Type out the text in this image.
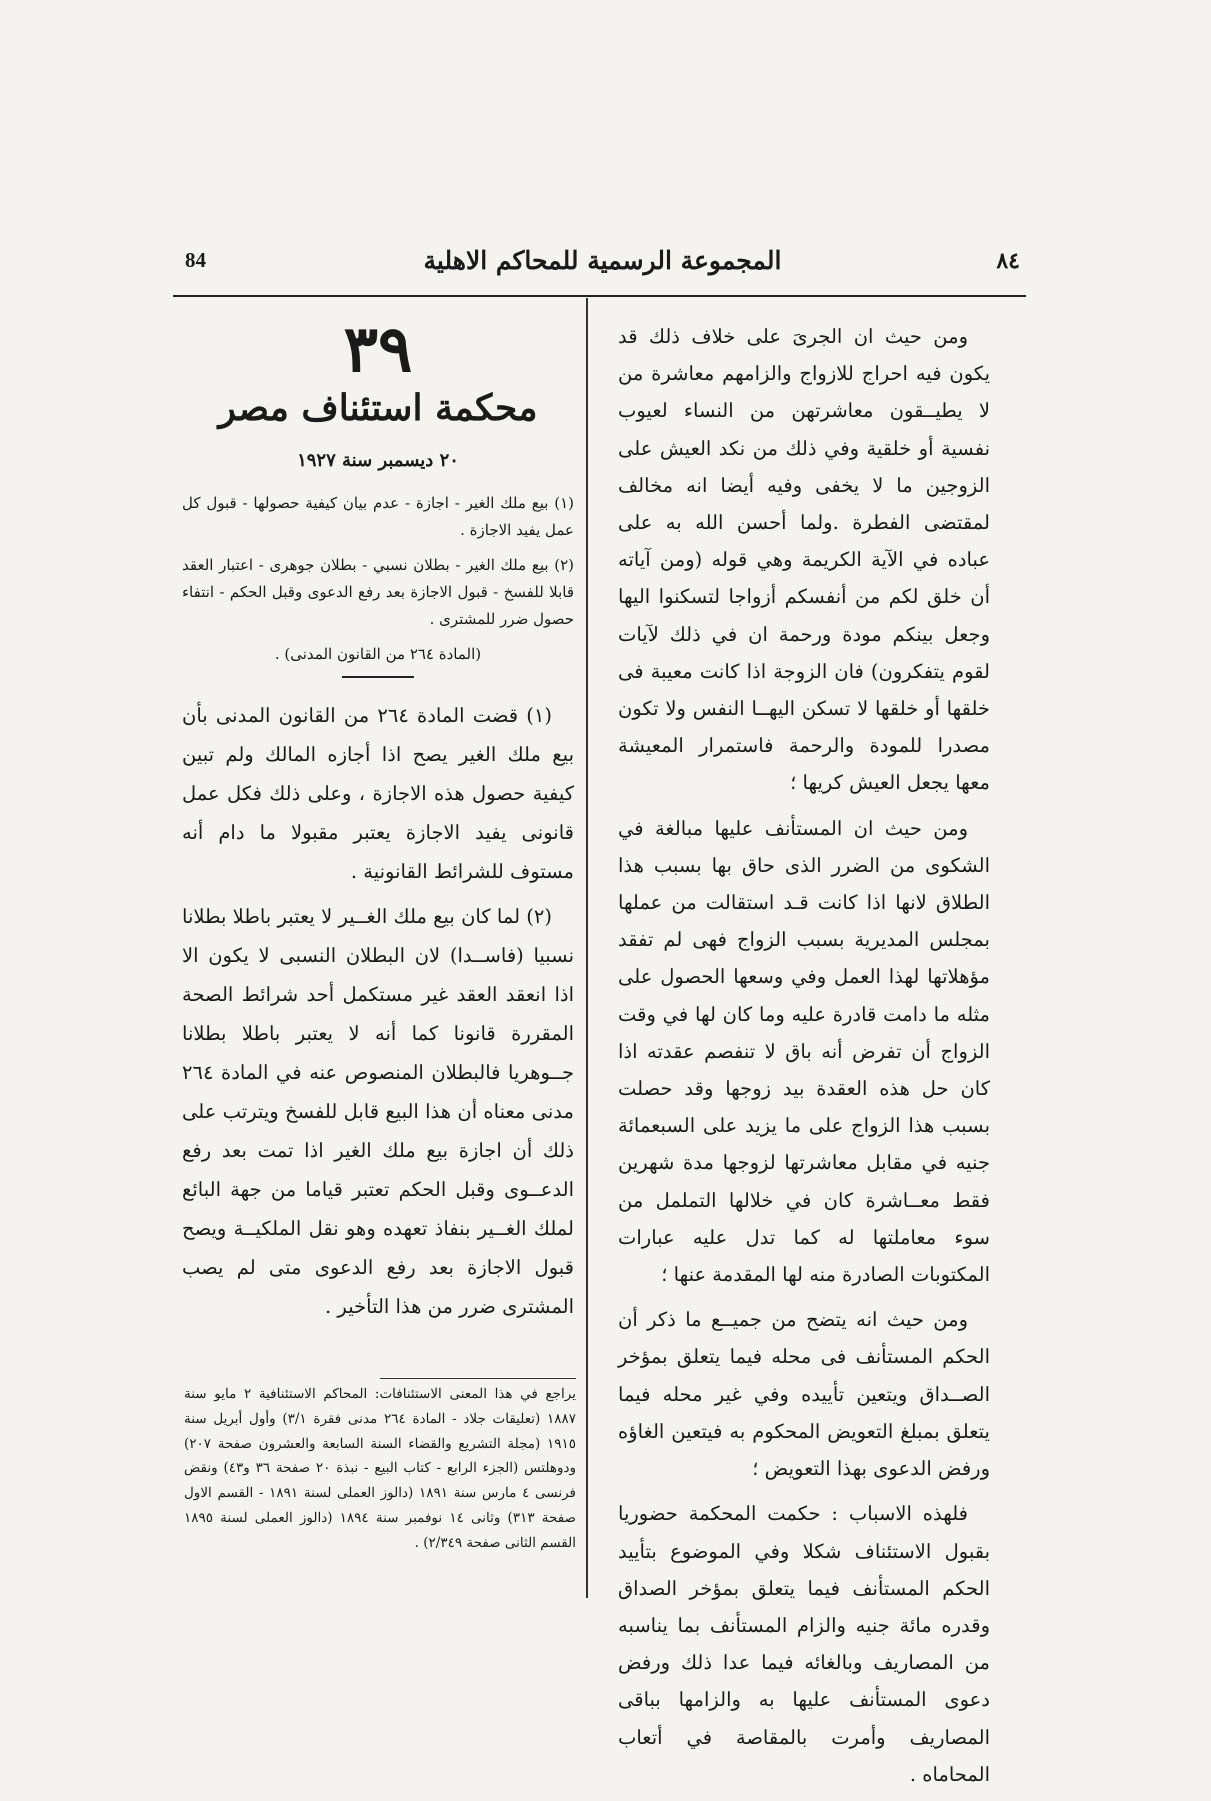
٨٤
المجموعة الرسمية للمحاكم الاهلية
84

ومن حيث ان الجرىَ على خلاف ذلك قد يكون فيه احراج للازواج والزامهم معاشرة من لا يطيــقون معاشرتهن من النساء لعيوب نفسية أو خلقية وفي ذلك من نكد العيش على الزوجين ما لا يخفى وفيه أيضا انه مخالف لمقتضى الفطرة .ولما أحسن الله به على عباده في الآية الكريمة وهي قوله (ومن آياته أن خلق لكم من أنفسكم أزواجا لتسكنوا اليها وجعل بينكم مودة ورحمة ان في ذلك لآيات لقوم يتفكرون) فان الزوجة اذا كانت معيبة فى خلقها أو خلقها لا تسكن اليهــا النفس ولا تكون مصدرا للمودة والرحمة فاستمرار المعيشة معها يجعل العيش كريها ؛

ومن حيث ان المستأنف عليها مبالغة في الشكوى من الضرر الذى حاق بها بسبب هذا الطلاق لانها اذا كانت قـد استقالت من عملها بمجلس المديرية بسبب الزواج فهى لم تفقد مؤهلاتها لهذا العمل وفي وسعها الحصول على مثله ما دامت قادرة عليه وما كان لها في وقت الزواج أن تفرض أنه باق لا تنفصم عقدته اذا كان حل هذه العقدة بيد زوجها وقد حصلت بسبب هذا الزواج على ما يزيد على السبعمائة جنيه في مقابل معاشرتها لزوجها مدة شهرين فقط معــاشرة كان في خلالها التململ من سوء معاملتها له كما تدل عليه عبارات المكتوبات الصادرة منه لها المقدمة عنها ؛

ومن حيث انه يتضح من جميــع ما ذكر أن الحكم المستأنف فى محله فيما يتعلق بمؤخر الصــداق ويتعين تأييده وفي غير محله فيما يتعلق بمبلغ التعويض المحكوم به فيتعين الغاؤه ورفض الدعوى بهذا التعويض ؛

فلهذه الاسباب : حكمت المحكمة حضوريا بقبول الاستئناف شكلا وفي الموضوع بتأييد الحكم المستأنف فيما يتعلق بمؤخر الصداق وقدره مائة جنيه والزام المستأنف بما يناسبه من المصاريف وبالغائه فيما عدا ذلك ورفض دعوى المستأنف عليها به والزامها بباقى المصاريف وأمرت بالمقاصة في أتعاب المحاماه .

٣٩
محكمة استئناف مصر
٢٠ ديسمبر سنة ١٩٢٧

(١) بيع ملك الغير - اجازة - عدم بيان كيفية حصولها - قبول كل عمل يفيد الاجازة .

(٢) بيع ملك الغير - بطلان نسبي - بطلان جوهرى - اعتبار العقد قابلا للفسخ - قبول الاجازة بعد رفع الدعوى وقبل الحكم - انتفاء حصول ضرر للمشترى .

(المادة ٢٦٤ من القانون المدنى) .

(١) قضت المادة ٢٦٤ من القانون المدنى بأن بيع ملك الغير يصح اذا أجازه المالك ولم تبين كيفية حصول هذه الاجازة ، وعلى ذلك فكل عمل قانونى يفيد الاجازة يعتبر مقبولا ما دام أنه مستوف للشرائط القانونية .

(٢) لما كان بيع ملك الغــير لا يعتبر باطلا بطلانا نسبيا (فاســدا) لان البطلان النسبى لا يكون الا اذا انعقد العقد غير مستكمل أحد شرائط الصحة المقررة قانونا كما أنه لا يعتبر باطلا بطلانا جــوهريا فالبطلان المنصوص عنه في المادة ٢٦٤ مدنى معناه أن هذا البيع قابل للفسخ ويترتب على ذلك أن اجازة بيع ملك الغير اذا تمت بعد رفع الدعــوى وقبل الحكم تعتبر قياما من جهة البائع لملك الغــير بنفاذ تعهده وهو نقل الملكيــة ويصح قبول الاجازة بعد رفع الدعوى متى لم يصب المشترى ضرر من هذا التأخير .

يراجع في هذا المعنى الاستئنافات: المحاكم الاستئنافية ٢ مايو سنة ١٨٨٧ (تعليقات جلاد - المادة ٢٦٤ مدنى فقرة ٣/١) وأول أبريل سنة ١٩١٥ (مجلة التشريع والقضاء السنة السابعة والعشرون صفحة ٢٠٧) ودوهلتس (الجزء الرابع - كتاب البيع - نبذة ٢٠ صفحة ٣٦ و٤٣) ونقض فرنسى ٤ مارس سنة ١٨٩١ (دالوز العملى لسنة ١٨٩١ - القسم الاول صفحة ٣١٣) وثانى ١٤ نوفمبر سنة ١٨٩٤ (دالوز العملى لسنة ١٨٩٥ القسم الثانى صفحة ٢/٣٤٩) .
